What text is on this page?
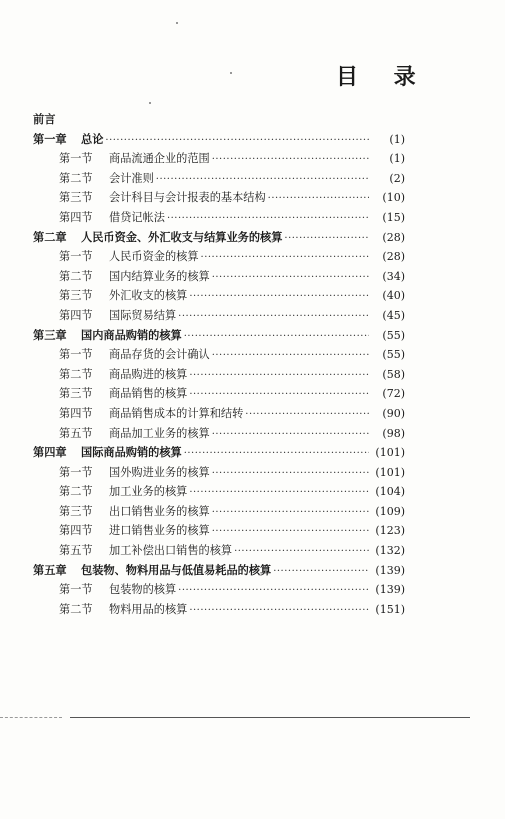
目 录
前言
第一章	总论 ·····	(1)
第一节	商品流通企业的范围 ·····	(1)
第二节	会计准则 ·····	(2)
第三节	会计科目与会计报表的基本结构 ·····	(10)
第四节	借贷记帐法 ·····	(15)
第二章	人民币资金、外汇收支与结算业务的核算 ·····	(28)
第一节	人民币资金的核算 ·····	(28)
第二节	国内结算业务的核算 ·····	(34)
第三节	外汇收支的核算 ·····	(40)
第四节	国际贸易结算 ·····	(45)
第三章	国内商品购销的核算 ·····	(55)
第一节	商品存货的会计确认 ·····	(55)
第二节	商品购进的核算 ·····	(58)
第三节	商品销售的核算 ·····	(72)
第四节	商品销售成本的计算和结转 ·····	(90)
第五节	商品加工业务的核算 ·····	(98)
第四章	国际商品购销的核算 ·····	(101)
第一节	国外购进业务的核算 ·····	(101)
第二节	加工业务的核算 ·····	(104)
第三节	出口销售业务的核算 ·····	(109)
第四节	进口销售业务的核算 ·····	(123)
第五节	加工补偿出口销售的核算 ·····	(132)
第五章	包装物、物料用品与低值易耗品的核算 ·····	(139)
第一节	包装物的核算 ·····	(139)
第二节	物料用品的核算 ·····	(151)
